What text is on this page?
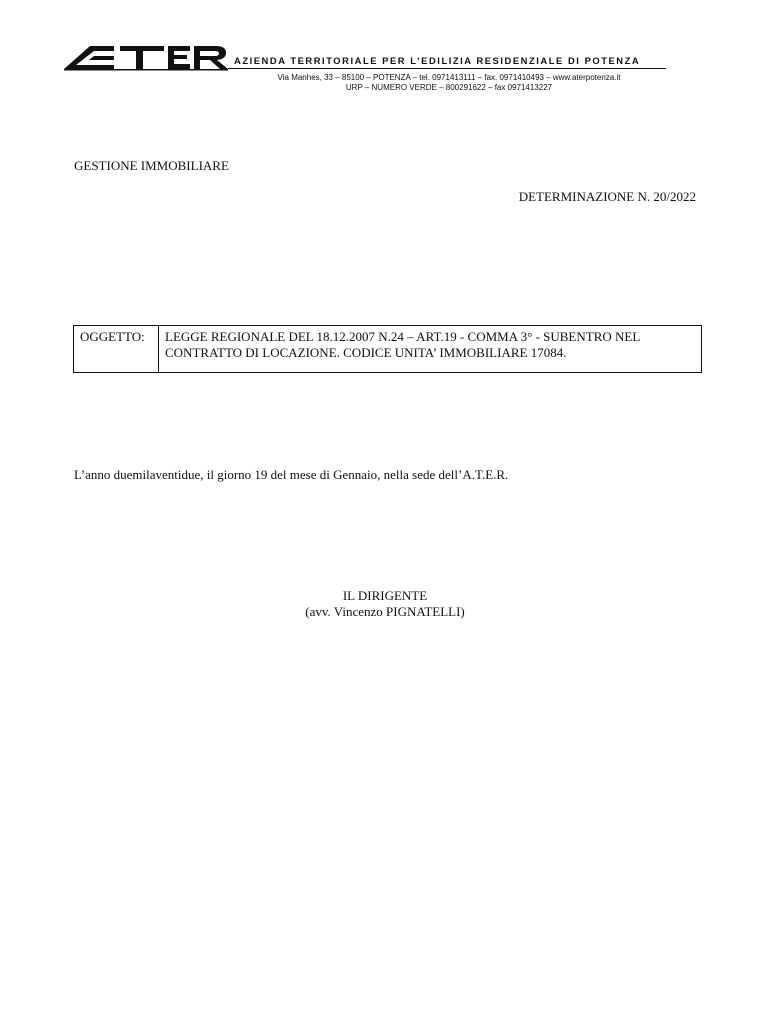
AZIENDA TERRITORIALE PER L’EDILIZIA RESIDENZIALE DI POTENZA
Via Manhes, 33 – 85100 – POTENZA – tel. 0971413111 – fax. 0971410493 – www.aterpotenza.it
URP – NUMERO VERDE – 800291622 – fax 0971413227
GESTIONE IMMOBILIARE
DETERMINAZIONE N. 20/2022
OGGETTO:	LEGGE REGIONALE DEL 18.12.2007 N.24 – ART.19 - COMMA 3° - SUBENTRO NEL
CONTRATTO DI LOCAZIONE. CODICE UNITA’ IMMOBILIARE 17084.
L’anno duemilaventidue, il giorno 19 del mese di Gennaio, nella sede dell’A.T.E.R.
IL DIRIGENTE
(avv. Vincenzo PIGNATELLI)
